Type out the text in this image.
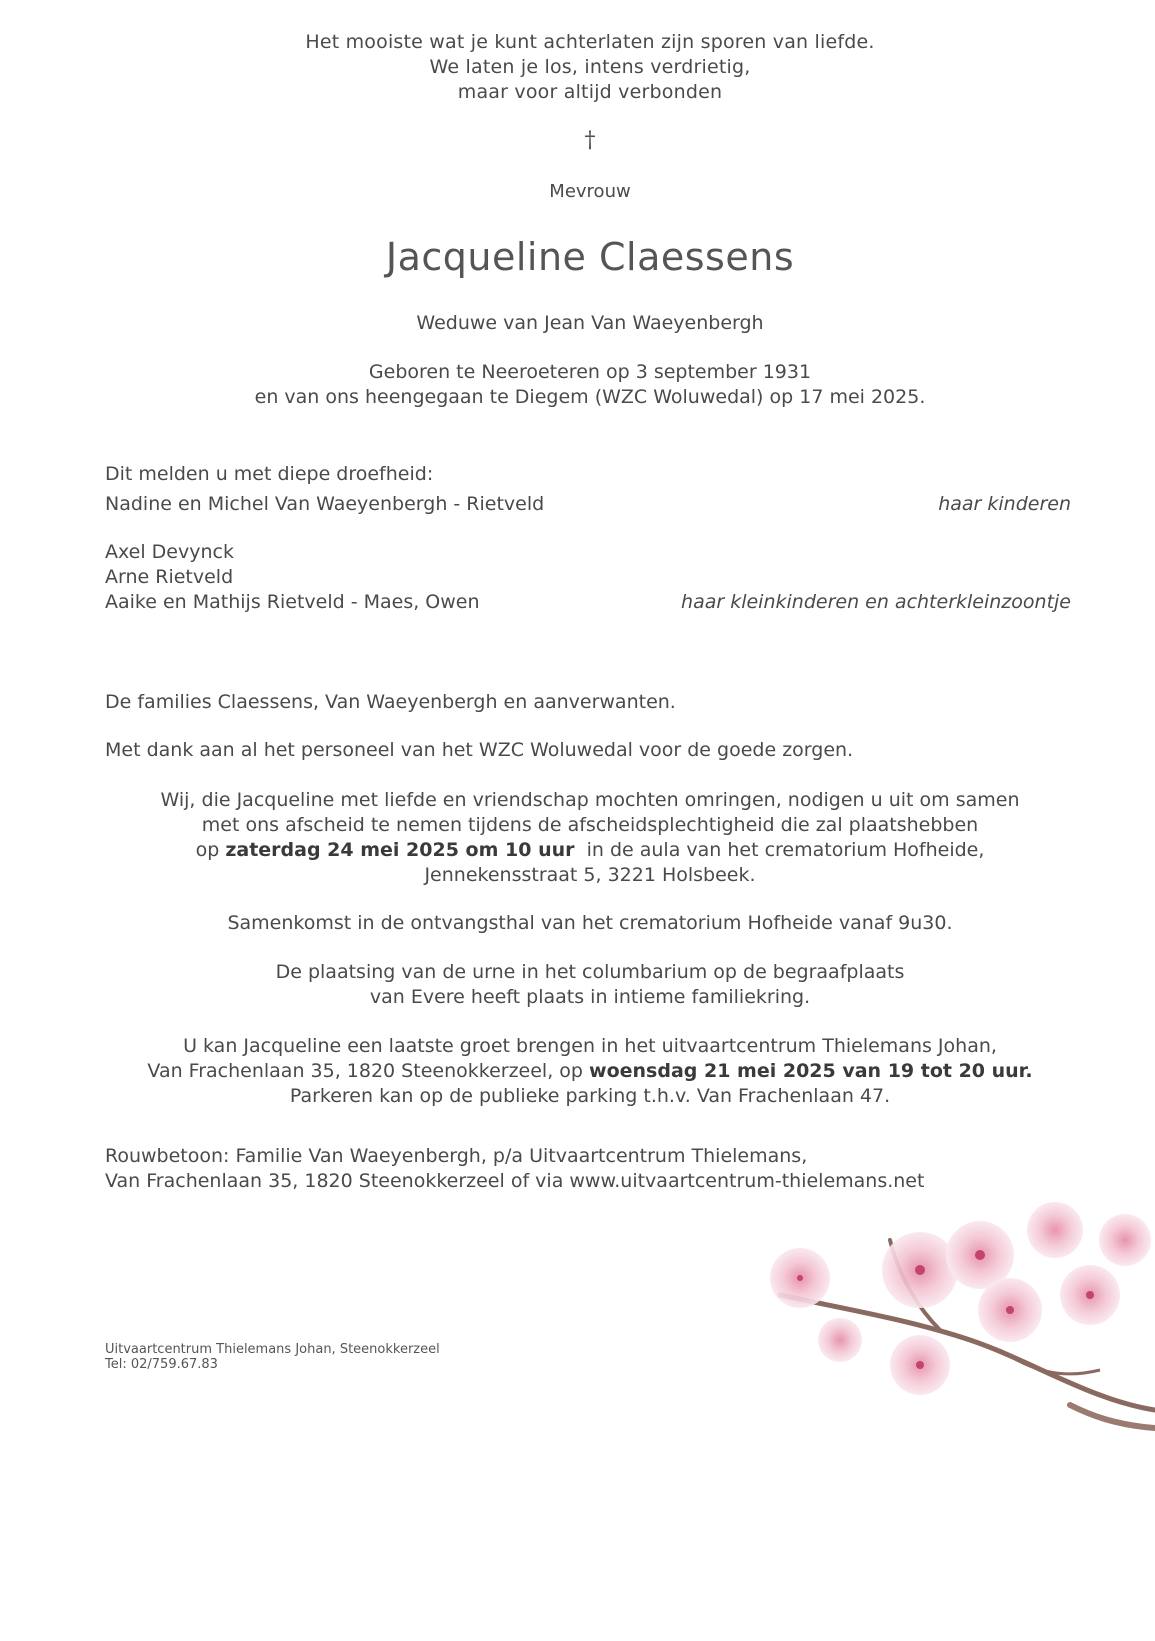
Het mooiste wat je kunt achterlaten zijn sporen van liefde.
We laten je los, intens verdrietig,
maar voor altijd verbonden
†
Mevrouw
Jacqueline Claessens
Weduwe van Jean Van Waeyenbergh
Geboren te Neeroeteren op 3 september 1931
en van ons heengegaan te Diegem (WZC Woluwedal) op 17 mei 2025.
Dit melden u met diepe droefheid:
Nadine en Michel Van Waeyenbergh - Rietveld	haar kinderen
Axel Devynck
Arne Rietveld
Aaike en Mathijs Rietveld - Maes, Owen	haar kleinkinderen en achterkleinzoontje
De families Claessens, Van Waeyenbergh en aanverwanten.
Met dank aan al het personeel van het WZC Woluwedal voor de goede zorgen.
Wij, die Jacqueline met liefde en vriendschap mochten omringen, nodigen u uit om samen
met ons afscheid te nemen tijdens de afscheidsplechtigheid die zal plaatshebben
op zaterdag 24 mei 2025 om 10 uur  in de aula van het crematorium Hofheide,
Jennekensstraat 5, 3221 Holsbeek.
Samenkomst in de ontvangsthal van het crematorium Hofheide vanaf 9u30.
De plaatsing van de urne in het columbarium op de begraafplaats
van Evere heeft plaats in intieme familiekring.
U kan Jacqueline een laatste groet brengen in het uitvaartcentrum Thielemans Johan,
Van Frachenlaan 35, 1820 Steenokkerzeel, op woensdag 21 mei 2025 van 19 tot 20 uur.
Parkeren kan op de publieke parking t.h.v. Van Frachenlaan 47.
Rouwbetoon: Familie Van Waeyenbergh, p/a Uitvaartcentrum Thielemans,
Van Frachenlaan 35, 1820 Steenokkerzeel of via www.uitvaartcentrum-thielemans.net
Uitvaartcentrum Thielemans Johan, Steenokkerzeel
Tel: 02/759.67.83
